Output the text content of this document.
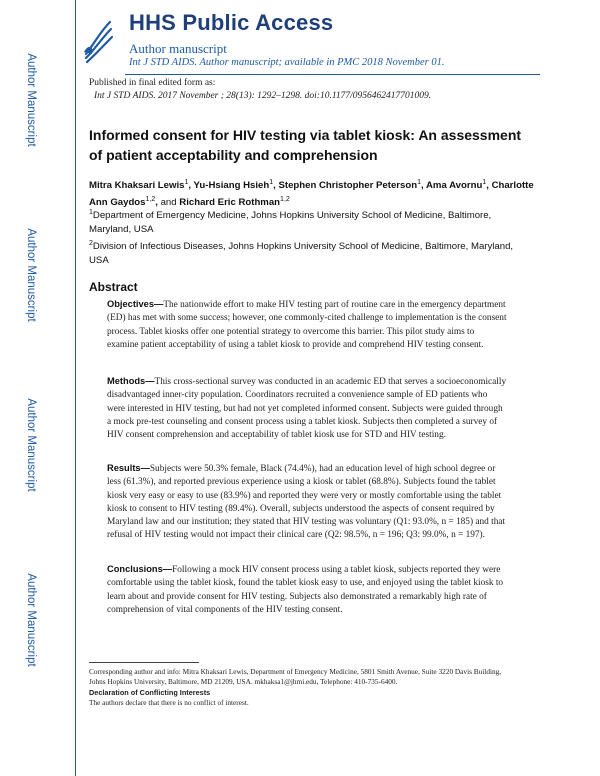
Author Manuscript
Author Manuscript
Author Manuscript
Author Manuscript
HHS Public Access
Author manuscript
Int J STD AIDS. Author manuscript; available in PMC 2018 November 01.
Published in final edited form as:
Int J STD AIDS. 2017 November ; 28(13): 1292–1298. doi:10.1177/0956462417701009.
Informed consent for HIV testing via tablet kiosk: An assessment of patient acceptability and comprehension
Mitra Khaksari Lewis$^1$, Yu-Hsiang Hsieh$^1$, Stephen Christopher Peterson$^1$, Ama Avornu$^1$, Charlotte Ann Gaydos$^{1,2}$, and Richard Eric Rothman$^{1,2}$
$^1$Department of Emergency Medicine, Johns Hopkins University School of Medicine, Baltimore, Maryland, USA
$^2$Division of Infectious Diseases, Johns Hopkins University School of Medicine, Baltimore, Maryland, USA
Abstract
Objectives—The nationwide effort to make HIV testing part of routine care in the emergency department (ED) has met with some success; however, one commonly-cited challenge to implementation is the consent process. Tablet kiosks offer one potential strategy to overcome this barrier. This pilot study aims to examine patient acceptability of using a tablet kiosk to provide and comprehend HIV testing consent.
Methods—This cross-sectional survey was conducted in an academic ED that serves a socioeconomically disadvantaged inner-city population. Coordinators recruited a convenience sample of ED patients who were interested in HIV testing, but had not yet completed informed consent. Subjects were guided through a mock pre-test counseling and consent process using a tablet kiosk. Subjects then completed a survey of HIV consent comprehension and acceptability of tablet kiosk use for STD and HIV testing.
Results—Subjects were 50.3% female, Black (74.4%), had an education level of high school degree or less (61.3%), and reported previous experience using a kiosk or tablet (68.8%). Subjects found the tablet kiosk very easy or easy to use (83.9%) and reported they were very or mostly comfortable using the tablet kiosk to consent to HIV testing (89.4%). Overall, subjects understood the aspects of consent required by Maryland law and our institution; they stated that HIV testing was voluntary (Q1: 93.0%, n = 185) and that refusal of HIV testing would not impact their clinical care (Q2: 98.5%, n = 196; Q3: 99.0%, n = 197).
Conclusions—Following a mock HIV consent process using a tablet kiosk, subjects reported they were comfortable using the tablet kiosk, found the tablet kiosk easy to use, and enjoyed using the tablet kiosk to learn about and provide consent for HIV testing. Subjects also demonstrated a remarkably high rate of comprehension of vital components of the HIV testing consent.
Corresponding author and info: Mitra Khaksari Lewis, Department of Emergency Medicine, 5801 Smith Avenue, Suite 3220 Davis Building, Johns Hopkins University, Baltimore, MD 21209, USA. mkhaksa1@jhmi.edu, Telephone: 410-735-6400.
Declaration of Conflicting Interests
The authors declare that there is no conflict of interest.
